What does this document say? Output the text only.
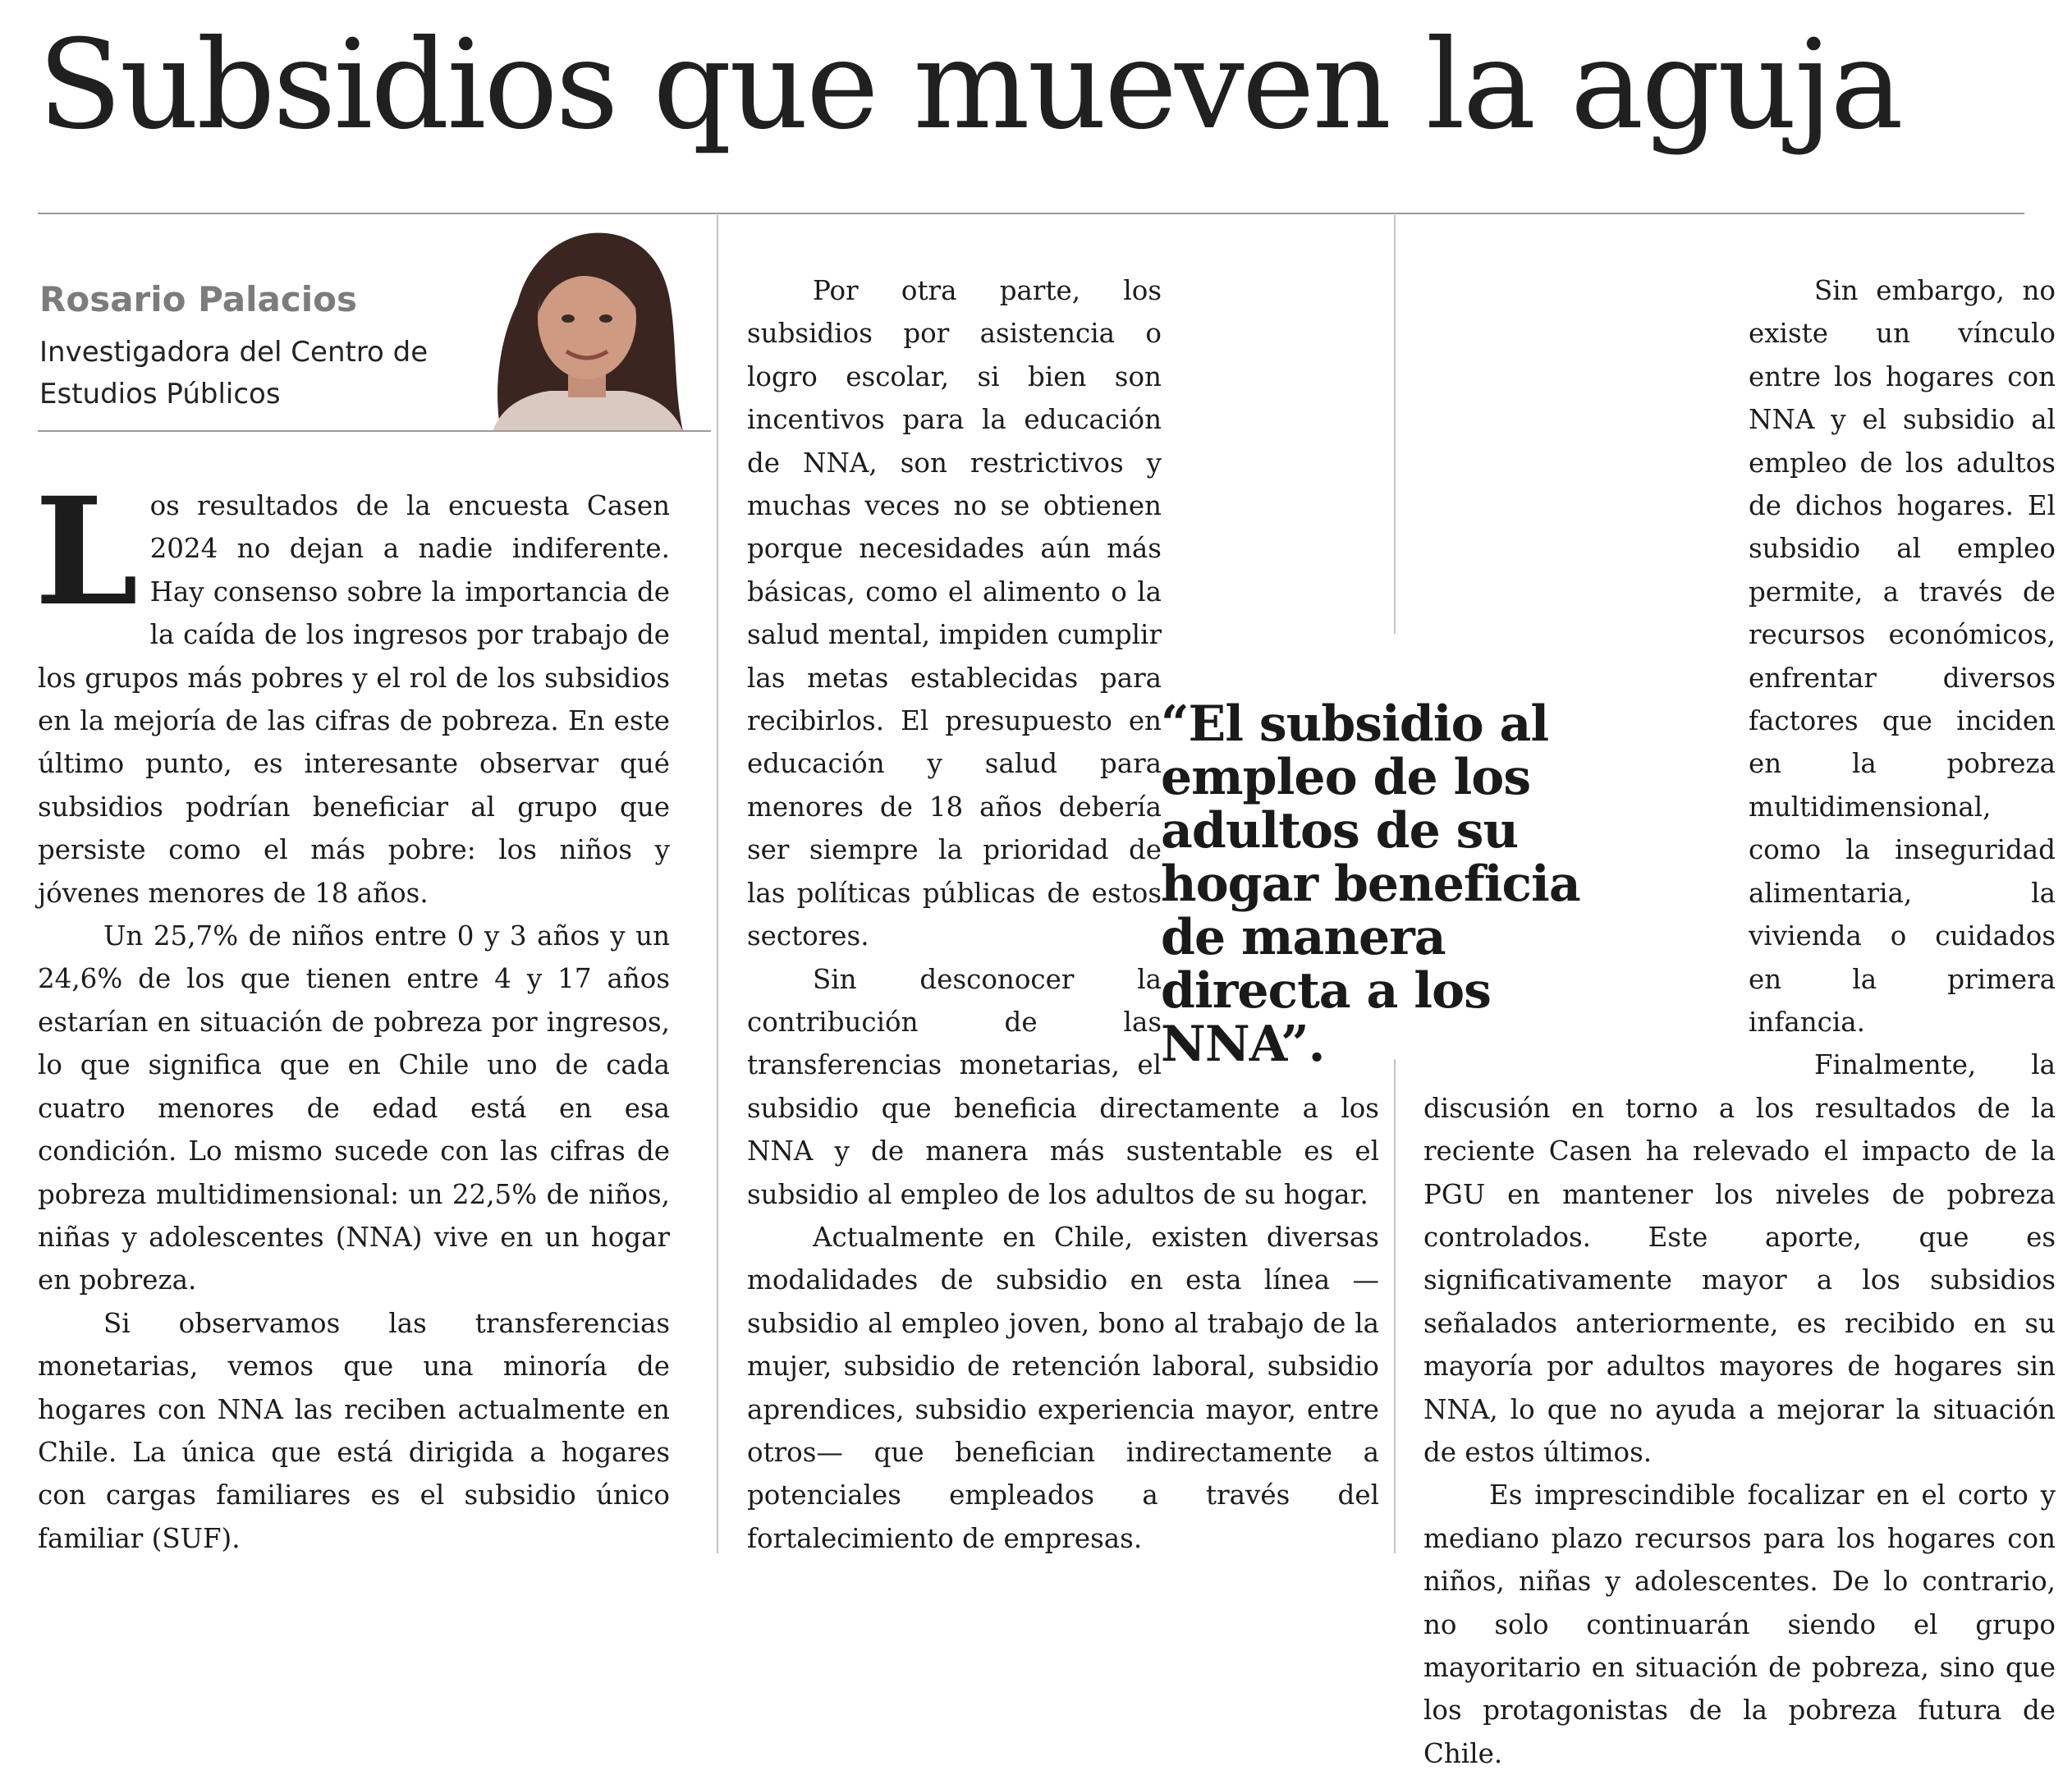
Subsidios que mueven la aguja
Rosario Palacios
Investigadora del Centro de Estudios Públicos

Los resultados de la encuesta Casen 2024 no dejan a nadie indiferente. Hay consenso sobre la importancia de la caída de los ingresos por trabajo de los grupos más pobres y el rol de los subsidios en la mejoría de las cifras de pobreza. En este último punto, es interesante observar qué subsidios podrían beneficiar al grupo que persiste como el más pobre: los niños y jóvenes menores de 18 años.

Un 25,7% de niños entre 0 y 3 años y un 24,6% de los que tienen entre 4 y 17 años estarían en situación de pobreza por ingresos, lo que significa que en Chile uno de cada cuatro menores de edad está en esa condición. Lo mismo sucede con las cifras de pobreza multidimensional: un 22,5% de niños, niñas y adolescentes (NNA) vive en un hogar en pobreza.

Si observamos las transferencias monetarias, vemos que una minoría de hogares con NNA las reciben actualmente en Chile. La única que está dirigida a hogares con cargas familiares es el subsidio único familiar (SUF).

Por otra parte, los subsidios por asistencia o logro escolar, si bien son incentivos para la educación de NNA, son restrictivos y muchas veces no se obtienen porque necesidades aún más básicas, como el alimento o la salud mental, impiden cumplir las metas establecidas para recibirlos. El presupuesto en educación y salud para menores de 18 años debería ser siempre la prioridad de las políticas públicas de estos sectores.

Sin desconocer la contribución de las transferencias monetarias, el subsidio que beneficia directamente a los NNA y de manera más sustentable es el subsidio al empleo de los adultos de su hogar.

Actualmente en Chile, existen diversas modalidades de subsidio en esta línea —subsidio al empleo joven, bono al trabajo de la mujer, subsidio de retención laboral, subsidio aprendices, subsidio experiencia mayor, entre otros— que benefician indirectamente a potenciales empleados a través del fortalecimiento de empresas.

Sin embargo, no existe un vínculo entre los hogares con NNA y el subsidio al empleo de los adultos de dichos hogares. El subsidio al empleo permite, a través de recursos económicos, enfrentar diversos factores que inciden en la pobreza multidimensional, como la inseguridad alimentaria, la vivienda o cuidados en la primera infancia.

Finalmente, la discusión en torno a los resultados de la reciente Casen ha relevado el impacto de la PGU en mantener los niveles de pobreza controlados. Este aporte, que es significativamente mayor a los subsidios señalados anteriormente, es recibido en su mayoría por adultos mayores de hogares sin NNA, lo que no ayuda a mejorar la situación de estos últimos.

Es imprescindible focalizar en el corto y mediano plazo recursos para los hogares con niños, niñas y adolescentes. De lo contrario, no solo continuarán siendo el grupo mayoritario en situación de pobreza, sino que los protagonistas de la pobreza futura de Chile.

“El subsidio al empleo de los adultos de su hogar beneficia de manera directa a los NNA”.
